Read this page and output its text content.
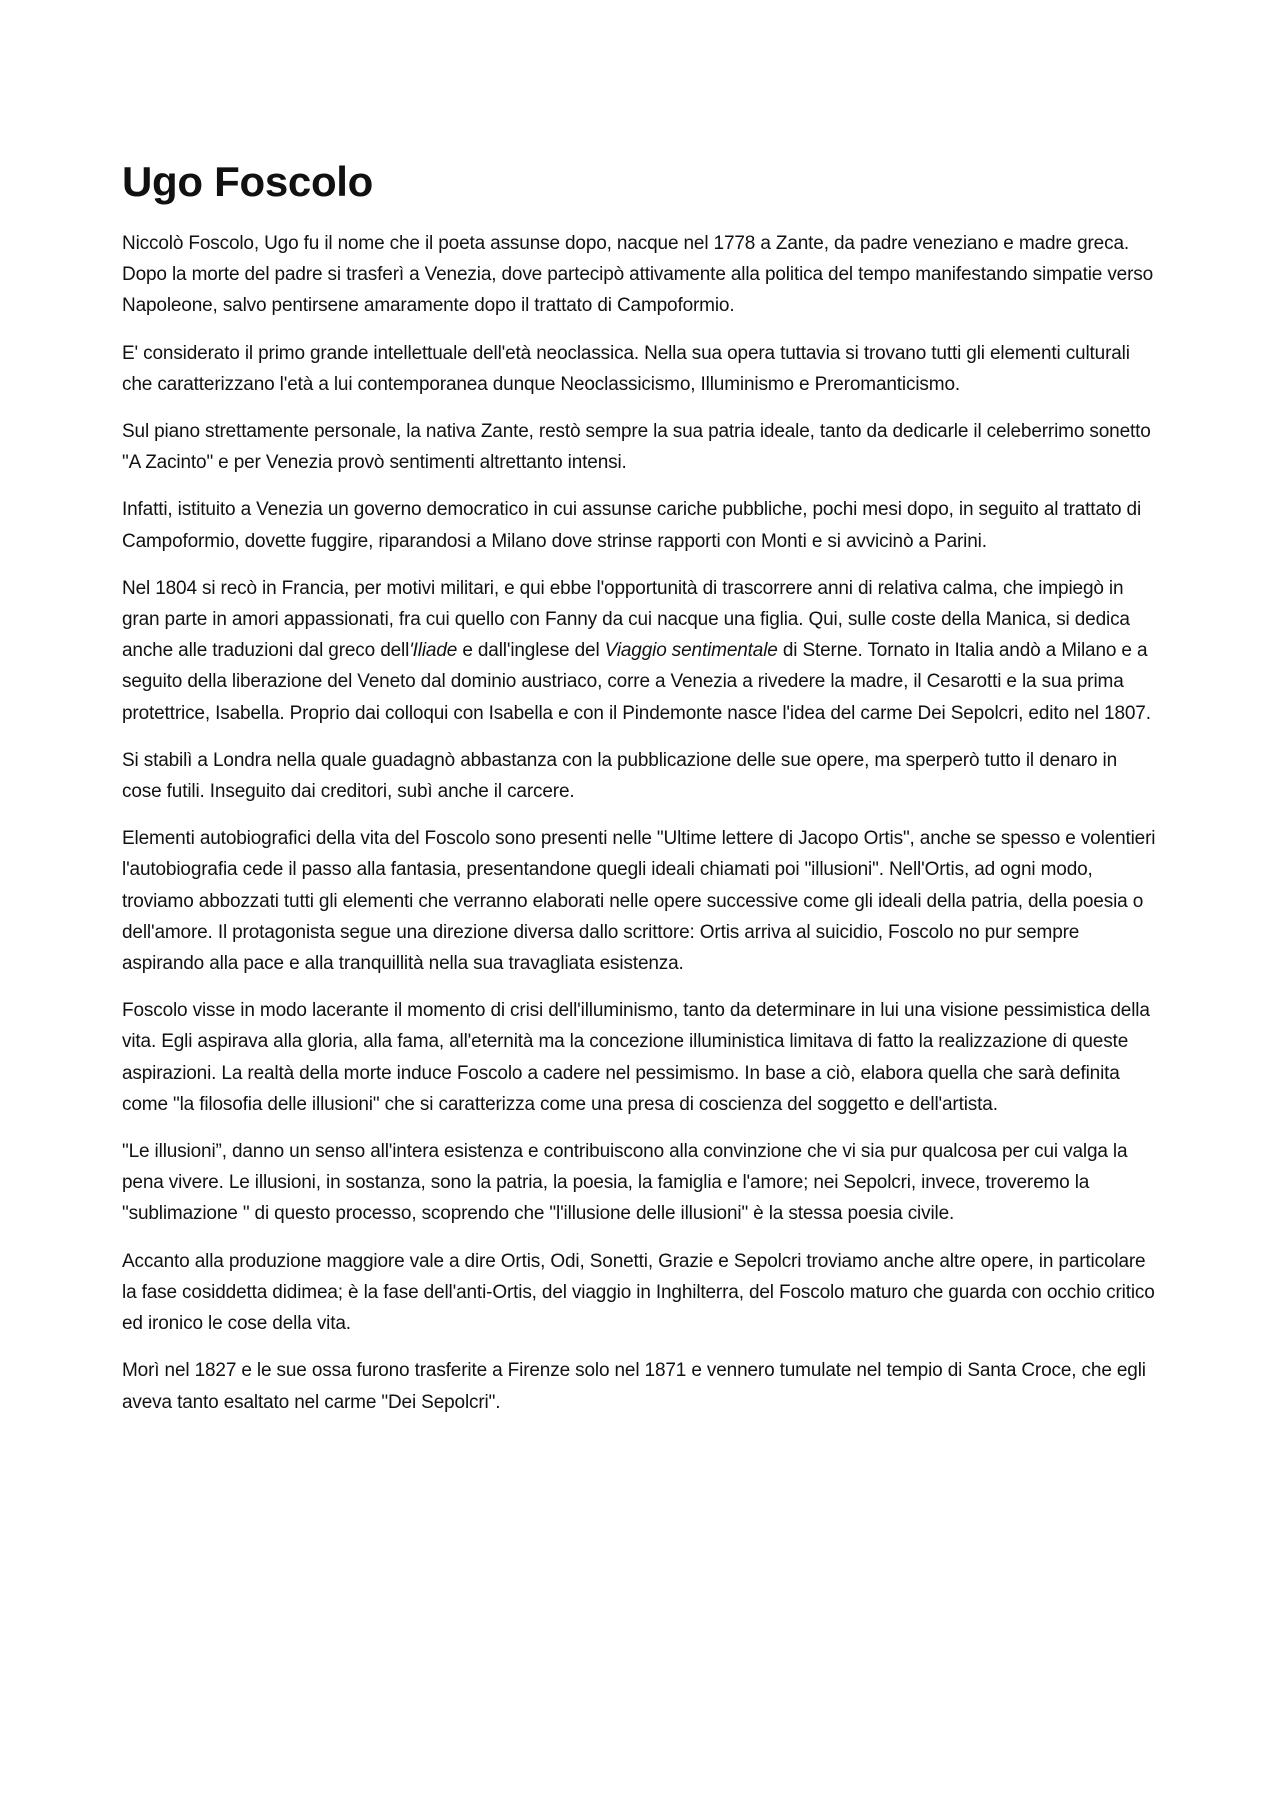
Ugo Foscolo

Niccolò Foscolo, Ugo fu il nome che il poeta assunse dopo, nacque nel 1778 a Zante, da padre veneziano e madre greca. Dopo la morte del padre si trasferì a Venezia, dove partecipò attivamente alla politica del tempo manifestando simpatie verso Napoleone, salvo pentirsene amaramente dopo il trattato di Campoformio.

E' considerato il primo grande intellettuale dell'età neoclassica. Nella sua opera tuttavia si trovano tutti gli elementi culturali che caratterizzano l'età a lui contemporanea dunque Neoclassicismo, Illuminismo e Preromanticismo.

Sul piano strettamente personale, la nativa Zante, restò sempre la sua patria ideale, tanto da dedicarle il celeberrimo sonetto "A Zacinto" e per Venezia provò sentimenti altrettanto intensi.

Infatti, istituito a Venezia un governo democratico in cui assunse cariche pubbliche, pochi mesi dopo, in seguito al trattato di Campoformio, dovette fuggire, riparandosi a Milano dove strinse rapporti con Monti e si avvicinò a Parini.

Nel 1804 si recò in Francia, per motivi militari, e qui ebbe l'opportunità di trascorrere anni di relativa calma, che impiegò in gran parte in amori appassionati, fra cui quello con Fanny da cui nacque una figlia. Qui, sulle coste della Manica, si dedica anche alle traduzioni dal greco dell'Iliade e dall'inglese del Viaggio sentimentale di Sterne. Tornato in Italia andò a Milano e a seguito della liberazione del Veneto dal dominio austriaco, corre a Venezia a rivedere la madre, il Cesarotti e la sua prima protettrice, Isabella. Proprio dai colloqui con Isabella e con il Pindemonte nasce l'idea del carme Dei Sepolcri, edito nel 1807.

Si stabilì a Londra nella quale guadagnò abbastanza con la pubblicazione delle sue opere, ma sperperò tutto il denaro in cose futili. Inseguito dai creditori, subì anche il carcere.

Elementi autobiografici della vita del Foscolo sono presenti nelle "Ultime lettere di Jacopo Ortis", anche se spesso e volentieri l'autobiografia cede il passo alla fantasia, presentandone quegli ideali chiamati poi "illusioni". Nell'Ortis, ad ogni modo, troviamo abbozzati tutti gli elementi che verranno elaborati nelle opere successive come gli ideali della patria, della poesia o dell'amore. Il protagonista segue una direzione diversa dallo scrittore: Ortis arriva al suicidio, Foscolo no pur sempre aspirando alla pace e alla tranquillità nella sua travagliata esistenza.

Foscolo visse in modo lacerante il momento di crisi dell'illuminismo, tanto da determinare in lui una visione pessimistica della vita. Egli aspirava alla gloria, alla fama, all'eternità ma la concezione illuministica limitava di fatto la realizzazione di queste aspirazioni. La realtà della morte induce Foscolo a cadere nel pessimismo. In base a ciò, elabora quella che sarà definita come "la filosofia delle illusioni" che si caratterizza come una presa di coscienza del soggetto e dell'artista.

"Le illusioni”, danno un senso all'intera esistenza e contribuiscono alla convinzione che vi sia pur qualcosa per cui valga la pena vivere. Le illusioni, in sostanza, sono la patria, la poesia, la famiglia e l'amore; nei Sepolcri, invece, troveremo la "sublimazione " di questo processo, scoprendo che "l'illusione delle illusioni" è la stessa poesia civile.

Accanto alla produzione maggiore vale a dire Ortis, Odi, Sonetti, Grazie e Sepolcri troviamo anche altre opere, in particolare la fase cosiddetta didimea; è la fase dell'anti-Ortis, del viaggio in Inghilterra, del Foscolo maturo che guarda con occhio critico ed ironico le cose della vita.

Morì nel 1827 e le sue ossa furono trasferite a Firenze solo nel 1871 e vennero tumulate nel tempio di Santa Croce, che egli aveva tanto esaltato nel carme "Dei Sepolcri".
